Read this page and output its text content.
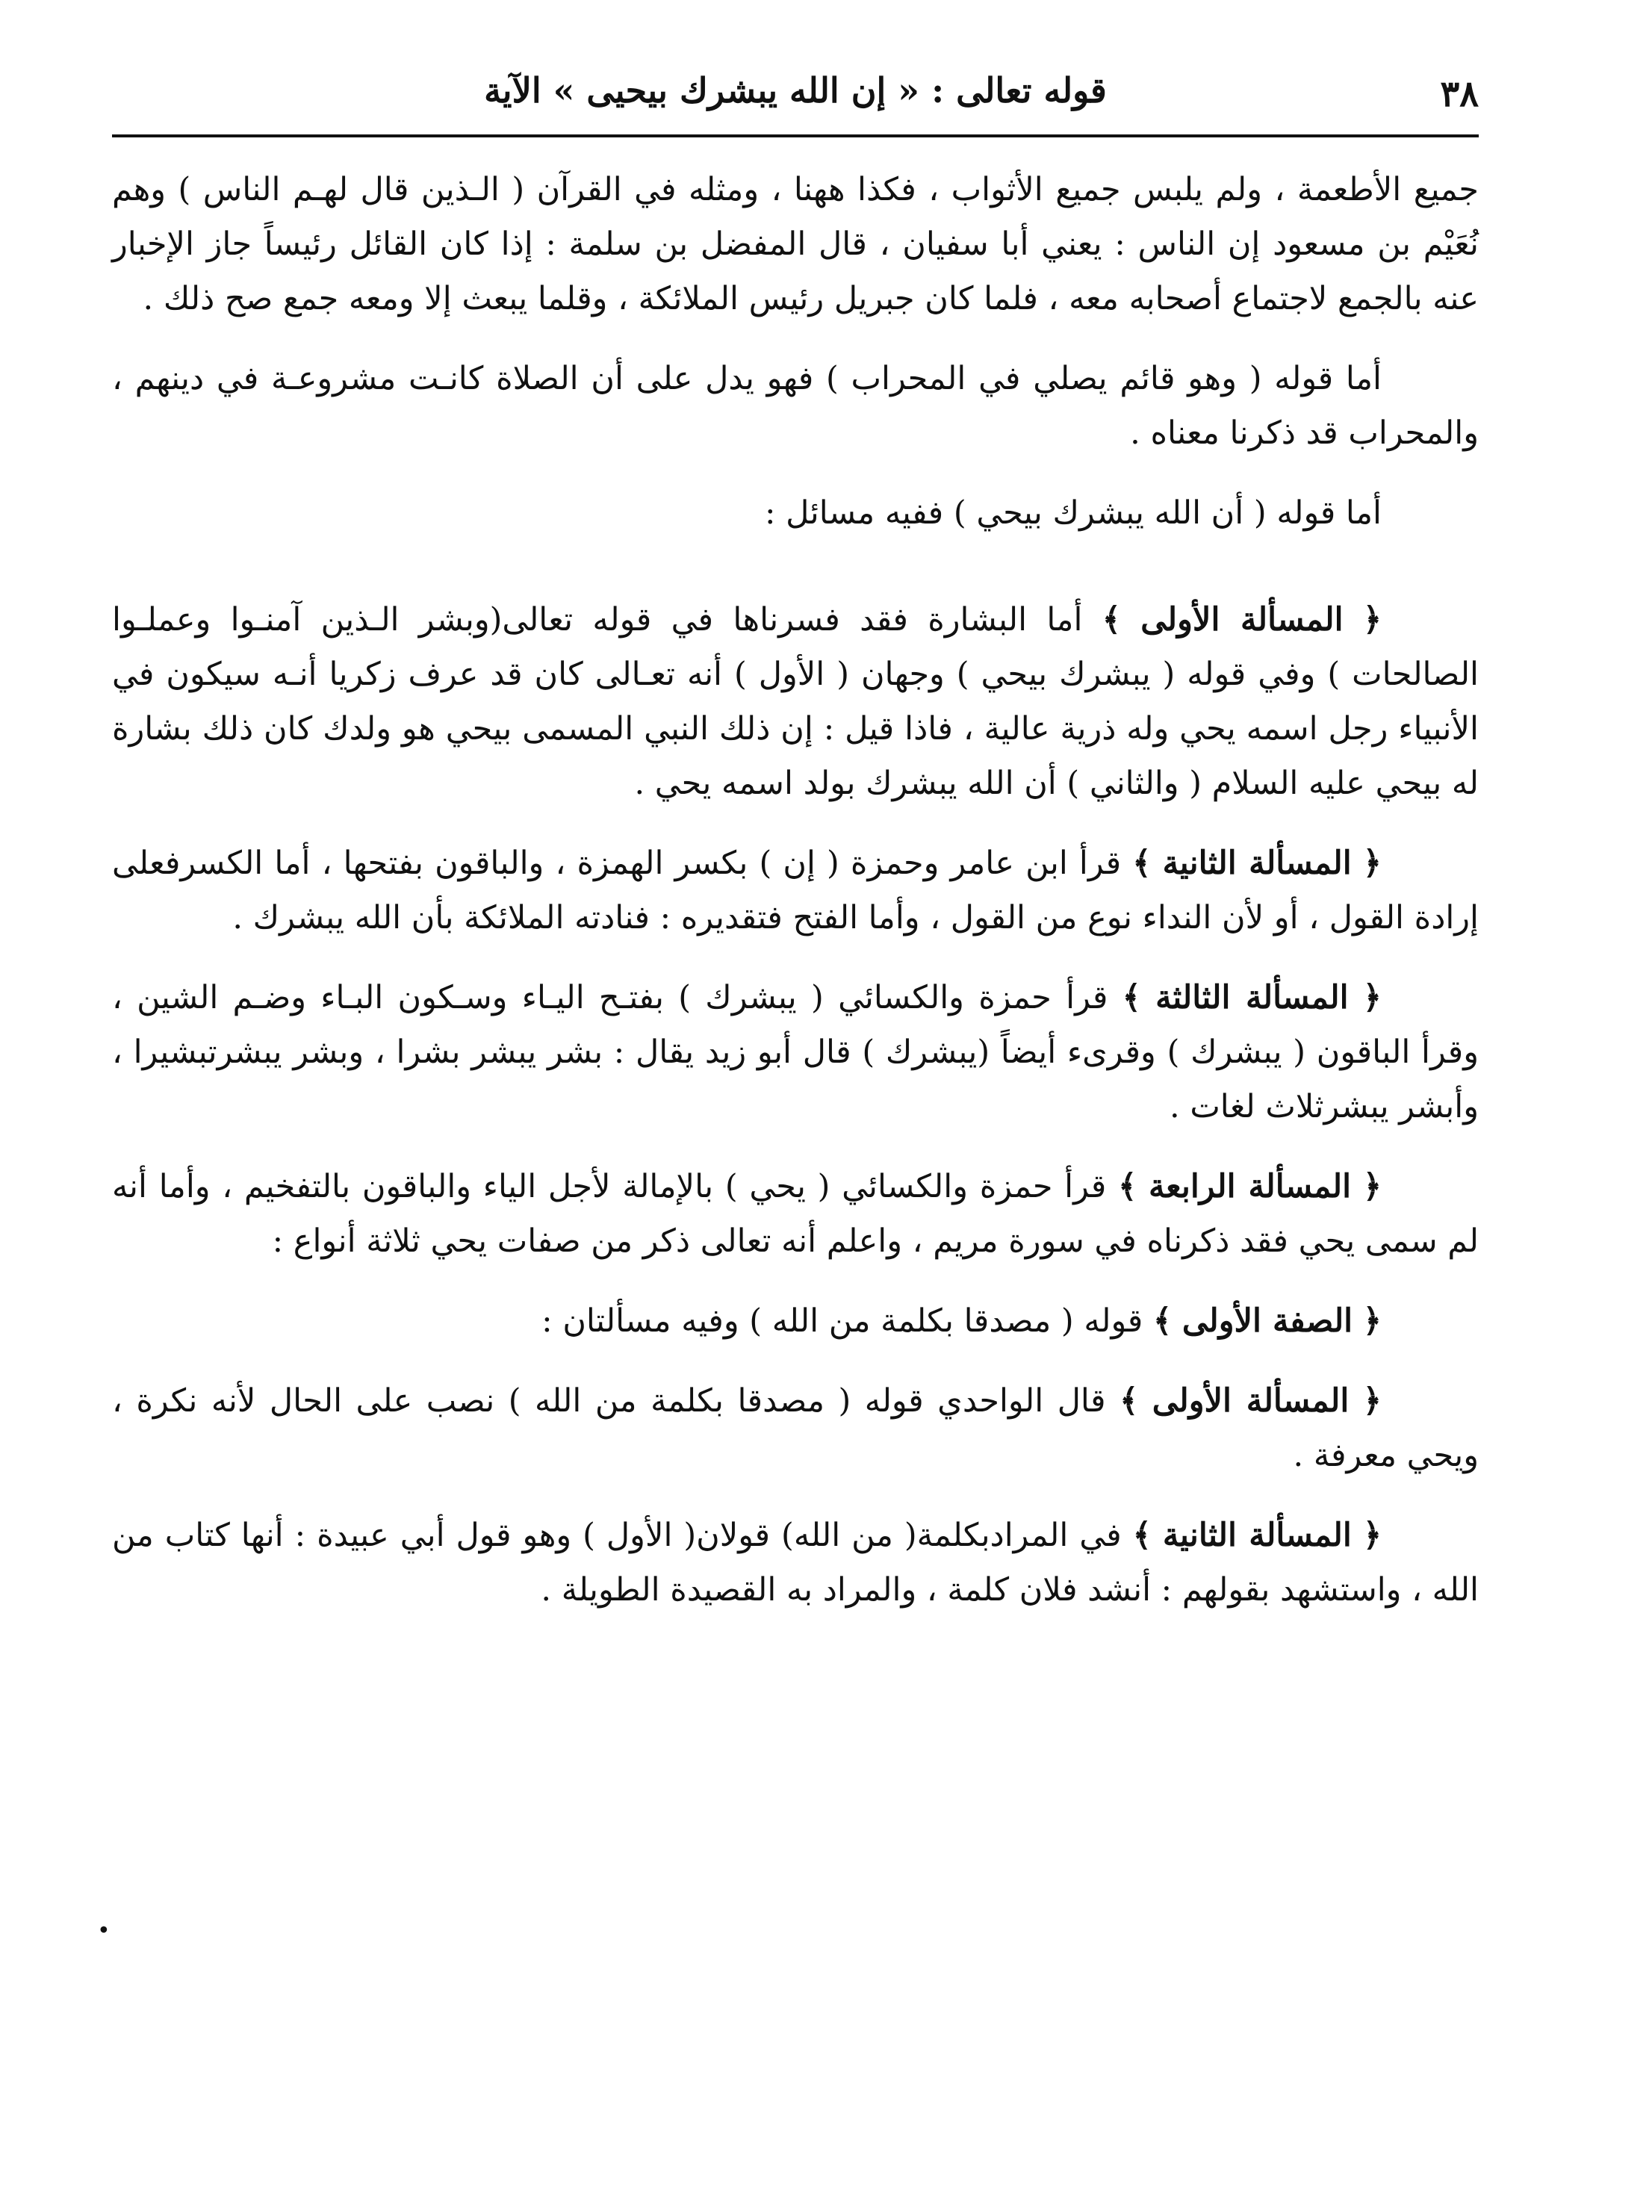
٣٨
قوله تعالى : « إن الله يبشرك بيحيى » الآية

جميع الأطعمة ، ولم يلبس جميع الأثواب ، فكذا ههنا ، ومثله في القرآن ( الـذين قال لهـم الناس ) وهم نُعَيْم بن مسعود إن الناس : يعني أبا سفيان ، قال المفضل بن سلمة : إذا كان القائل رئيساً جاز الإخبار عنه بالجمع لاجتماع أصحابه معه ، فلما كان جبريل رئيس الملائكة ، وقلما يبعث إلا ومعه جمع صح ذلك .

أما قوله ( وهو قائم يصلي في المحراب ) فهو يدل على أن الصلاة كانـت مشروعـة في دينهم ، والمحراب قد ذكرنا معناه .

أما قوله ( أن الله يبشرك بيحي ) ففيه مسائل :

﴿ المسألة الأولى ﴾ أما البشارة فقد فسرناها في قوله تعالى(وبشر الـذين آمنـوا وعملـوا الصالحات ) وفي قوله ( يبشرك بيحي ) وجهان ( الأول ) أنه تعـالى كان قد عرف زكريا أنـه سيكون في الأنبياء رجل اسمه يحي وله ذرية عالية ، فاذا قيل : إن ذلك النبي المسمى بيحي هو ولدك كان ذلك بشارة له بيحي عليه السلام ( والثاني ) أن الله يبشرك بولد اسمه يحي .

﴿ المسألة الثانية ﴾ قرأ ابن عامر وحمزة ( إن ) بكسر الهمزة ، والباقون بفتحها ، أما الكسرفعلى إرادة القول ، أو لأن النداء نوع من القول ، وأما الفتح فتقديره : فنادته الملائكة بأن الله يبشرك .

﴿ المسألة الثالثة ﴾ قرأ حمزة والكسائي ( يبشرك ) بفتـح اليـاء وسـكون البـاء وضـم الشين ، وقرأ الباقون ( يبشرك ) وقرىء أيضاً (يبشرك ) قال أبو زيد يقال : بشر يبشر بشرا ، وبشر يبشرتبشيرا ، وأبشر يبشرثلاث لغات .

﴿ المسألة الرابعة ﴾ قرأ حمزة والكسائي ( يحي ) بالإمالة لأجل الياء والباقون بالتفخيم ، وأما أنه لم سمى يحي فقد ذكرناه في سورة مريم ، واعلم أنه تعالى ذكر من صفات يحي ثلاثة أنواع :

﴿ الصفة الأولى ﴾ قوله ( مصدقا بكلمة من الله ) وفيه مسألتان :

﴿ المسألة الأولى ﴾ قال الواحدي قوله ( مصدقا بكلمة من الله ) نصب على الحال لأنه نكرة ، ويحي معرفة .

﴿ المسألة الثانية ﴾ في المرادبكلمة( من الله) قولان( الأول ) وهو قول أبي عبيدة : أنها كتاب من الله ، واستشهد بقولهم : أنشد فلان كلمة ، والمراد به القصيدة الطويلة .

•
